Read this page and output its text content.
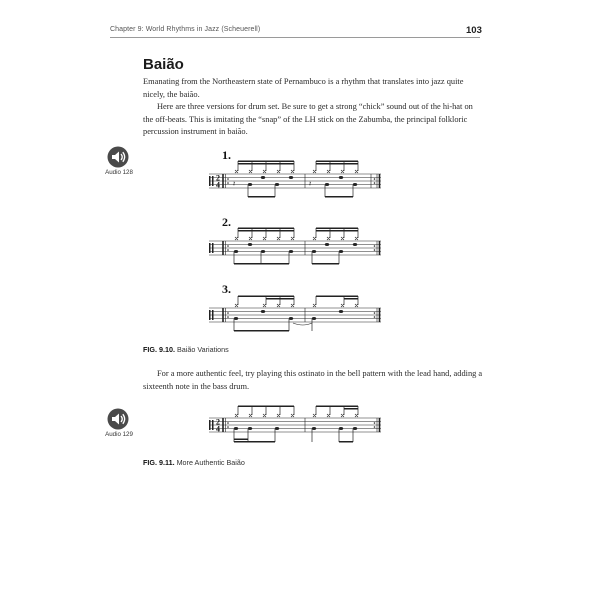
Chapter 9: World Rhythms in Jazz (Scheuerell)	103
Baião

Emanating from the Northeastern state of Pernambuco is a rhythm that translates into jazz quite nicely, the baião.

Here are three versions for drum set. Be sure to get a strong “chick” sound out of the hi-hat on the off-beats. This is imitating the “snap” of the LH stick on the Zabumba, the principal folkloric percussion instrument in baião.

Audio 128
1.
2
4 𝄽	𝄽
2.
3.
FIG. 9.10. Baião Variations

For a more authentic feel, try playing this ostinato in the bell pattern with the lead hand, adding a sixteenth note in the bass drum.

Audio 129
2
4
FIG. 9.11. More Authentic Baião
